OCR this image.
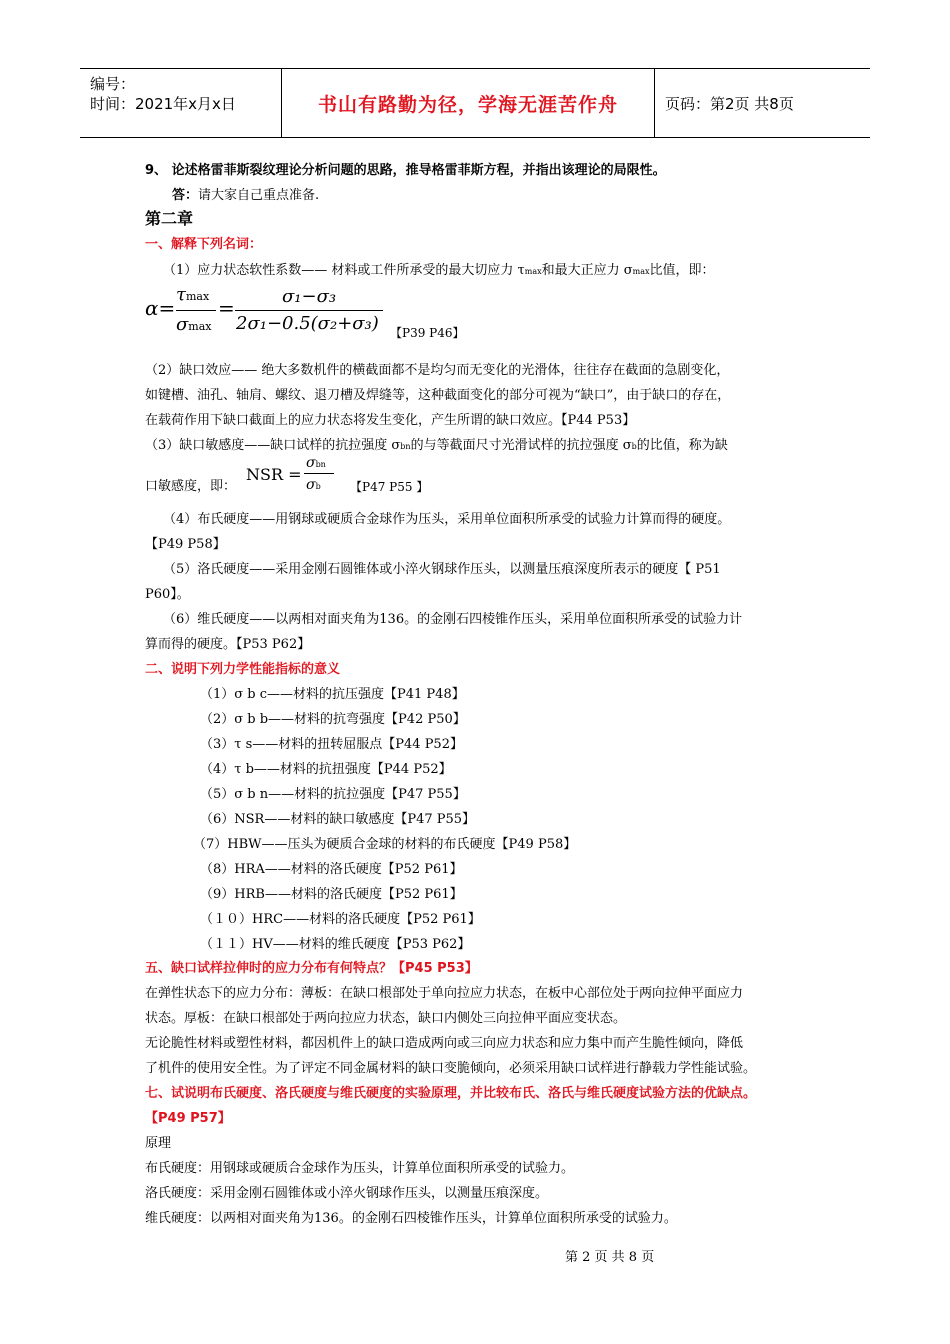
编号：
时间：2021年x月x日	书山有路勤为径，学海无涯苦作舟	页码：第2页 共8页
9、 论述格雷菲斯裂纹理论分析问题的思路，推导格雷菲斯方程，并指出该理论的局限性。
答：请大家自己重点准备.
第二章
一、解释下列名词：
（1）应力状态软性系数—— 材料或工件所承受的最大切应力 τmax和最大正应力 σmax比值，即：
α=
τmax
σmax
=	σ₁−σ₃
2σ₁−0.5(σ₂+σ₃) 【P39 P46】
（2）缺口效应—— 绝大多数机件的横截面都不是均匀而无变化的光滑体，往往存在截面的急剧变化，
如键槽、油孔、轴肩、螺纹、退刀槽及焊缝等，这种截面变化的部分可视为“缺口”，由于缺口的存在，
在载荷作用下缺口截面上的应力状态将发生变化，产生所谓的缺口效应。【P44 P53】
（3）缺口敏感度——缺口试样的抗拉强度 σbn的与等截面尺寸光滑试样的抗拉强度 σb的比值，称为缺
口敏感度，即：
NSR =
σbn
σb 【P47 P55 】
（4）布氏硬度——用钢球或硬质合金球作为压头，采用单位面积所承受的试验力计算而得的硬度。
【P49 P58】
（5）洛氏硬度——采用金刚石圆锥体或小淬火钢球作压头，以测量压痕深度所表示的硬度【 P51
P60】。
（6）维氏硬度——以两相对面夹角为136。的金刚石四棱锥作压头，采用单位面积所承受的试验力计
算而得的硬度。【P53 P62】
二、说明下列力学性能指标的意义
（1）σ b c——材料的抗压强度【P41 P48】
（2）σ b b——材料的抗弯强度【P42 P50】
（3）τ s——材料的扭转屈服点【P44 P52】
（4）τ b——材料的抗扭强度【P44 P52】
（5）σ b n——材料的抗拉强度【P47 P55】
（6）NSR——材料的缺口敏感度【P47 P55】
（7）HBW——压头为硬质合金球的材料的布氏硬度【P49 P58】
（8）HRA——材料的洛氏硬度【P52 P61】
（9）HRB——材料的洛氏硬度【P52 P61】
（１０）HRC——材料的洛氏硬度【P52 P61】
（１１）HV——材料的维氏硬度【P53 P62】
五、缺口试样拉伸时的应力分布有何特点？【P45 P53】
在弹性状态下的应力分布：薄板：在缺口根部处于单向拉应力状态，在板中心部位处于两向拉伸平面应力
状态。厚板：在缺口根部处于两向拉应力状态，缺口内侧处三向拉伸平面应变状态。
无论脆性材料或塑性材料，都因机件上的缺口造成两向或三向应力状态和应力集中而产生脆性倾向，降低
了机件的使用安全性。为了评定不同金属材料的缺口变脆倾向，必须采用缺口试样进行静载力学性能试验。
七、试说明布氏硬度、洛氏硬度与维氏硬度的实验原理，并比较布氏、洛氏与维氏硬度试验方法的优缺点。
【P49 P57】
原理
布氏硬度：用钢球或硬质合金球作为压头，计算单位面积所承受的试验力。
洛氏硬度：采用金刚石圆锥体或小淬火钢球作压头，以测量压痕深度。
维氏硬度：以两相对面夹角为136。的金刚石四棱锥作压头，计算单位面积所承受的试验力。
第 2 页 共 8 页
